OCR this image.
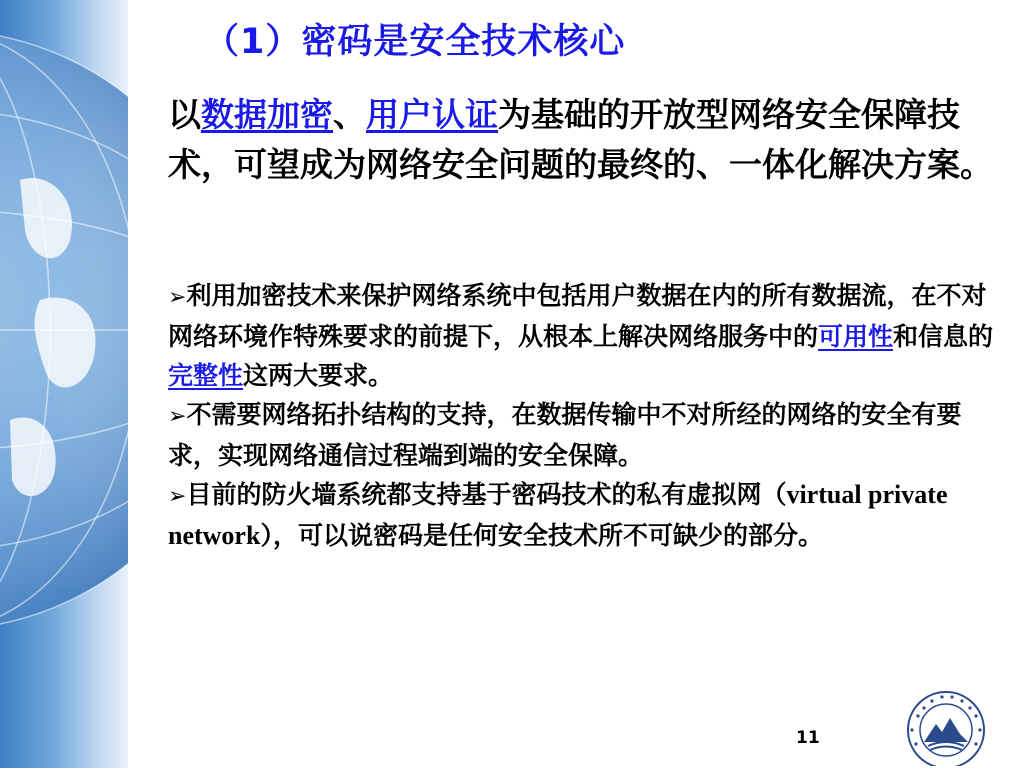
（1）密码是安全技术核心
以数据加密、用户认证为基础的开放型网络安全保障技术，可望成为网络安全问题的最终的、一体化解决方案。

➢利用加密技术来保护网络系统中包括用户数据在内的所有数据流，在不对网络环境作特殊要求的前提下，从根本上解决网络服务中的可用性和信息的完整性这两大要求。

➢不需要网络拓扑结构的支持，在数据传输中不对所经的网络的安全有要求，实现网络通信过程端到端的安全保障。

➢目前的防火墙系统都支持基于密码技术的私有虚拟网（virtual private network），可以说密码是任何安全技术所不可缺少的部分。

11
